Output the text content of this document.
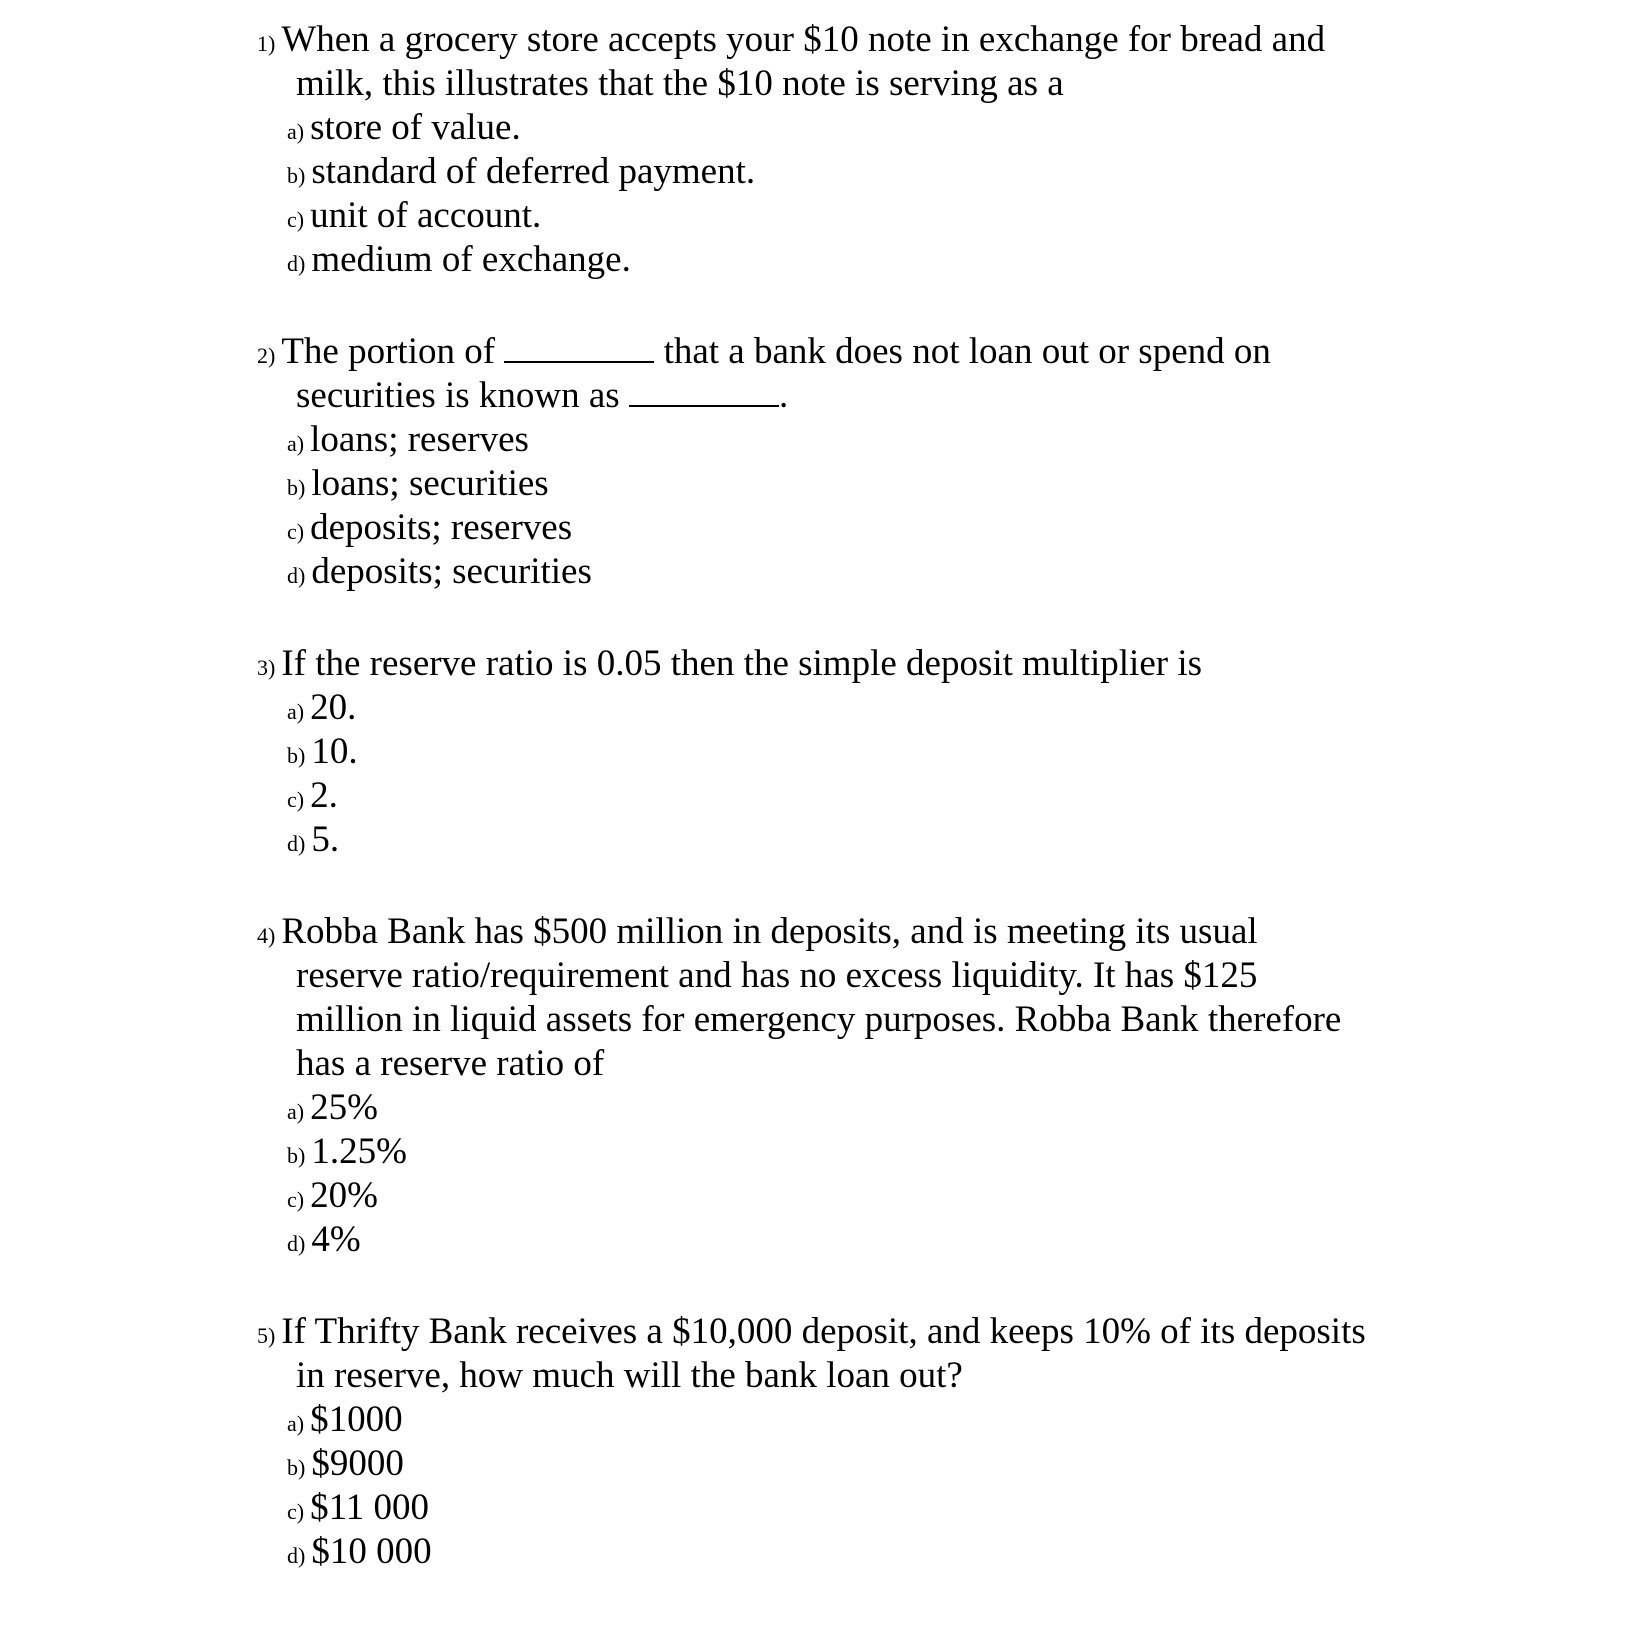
1) When a grocery store accepts your $10 note in exchange for bread and
milk, this illustrates that the $10 note is serving as a
a) store of value.
b) standard of deferred payment.
c) unit of account.
d) medium of exchange.
2) The portion of	that a bank does not loan out or spend on
securities is known as	.
a) loans; reserves
b) loans; securities
c) deposits; reserves
d) deposits; securities
3) If the reserve ratio is 0.05 then the simple deposit multiplier is
a) 20.
b) 10.
c) 2.
d) 5.
4) Robba Bank has $500 million in deposits, and is meeting its usual
reserve ratio/requirement and has no excess liquidity. It has $125
million in liquid assets for emergency purposes. Robba Bank therefore
has a reserve ratio of
a) 25%
b) 1.25%
c) 20%
d) 4%
5) If Thrifty Bank receives a $10,000 deposit, and keeps 10% of its deposits
in reserve, how much will the bank loan out?
a) $1000
b) $9000
c) $11 000
d) $10 000
